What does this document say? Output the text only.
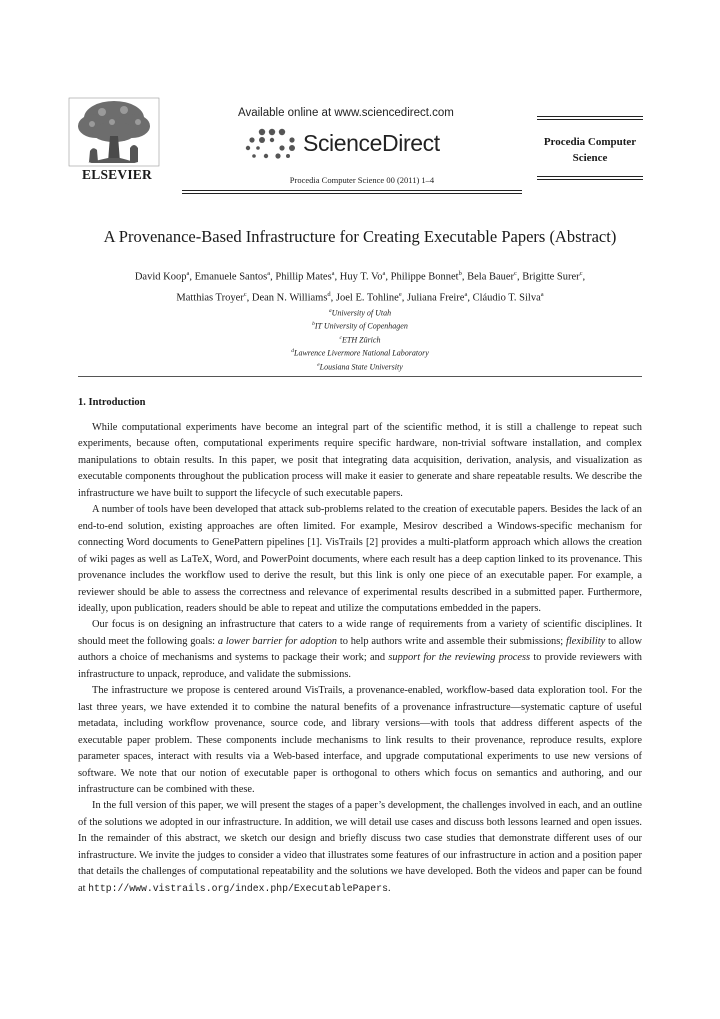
ELSEVIER
Available online at www.sciencedirect.com
ScienceDirect
Procedia Computer Science 00 (2011) 1–4
Procedia Computer Science
A Provenance-Based Infrastructure for Creating Executable Papers (Abstract)
David Koop$^a$, Emanuele Santos$^a$, Phillip Mates$^a$, Huy T. Vo$^a$, Philippe Bonnet$^b$, Bela Bauer$^c$, Brigitte Surer$^c$,
Matthias Troyer$^c$, Dean N. Williams$^d$, Joel E. Tohline$^e$, Juliana Freire$^a$, Cláudio T. Silva$^a$
$^a$University of Utah
$^b$IT University of Copenhagen
$^c$ETH Zürich
$^d$Lawrence Livermore National Laboratory
$^e$Lousiana State University
1. Introduction

While computational experiments have become an integral part of the scientific method, it is still a challenge to repeat such experiments, because often, computational experiments require specific hardware, non-trivial software installation, and complex manipulations to obtain results. In this paper, we posit that integrating data acquisition, derivation, analysis, and visualization as executable components throughout the publication process will make it easier to generate and share repeatable results. We describe the infrastructure we have built to support the lifecycle of such executable papers.

A number of tools have been developed that attack sub-problems related to the creation of executable papers. Besides the lack of an end-to-end solution, existing approaches are often limited. For example, Mesirov described a Windows-specific mechanism for connecting Word documents to GenePattern pipelines [1]. VisTrails [2] provides a multi-platform approach which allows the creation of wiki pages as well as LaTeX, Word, and PowerPoint documents, where each result has a deep caption linked to its provenance. This provenance includes the workflow used to derive the result, but this link is only one piece of an executable paper. For example, a reviewer should be able to assess the correctness and relevance of experimental results described in a submitted paper. Furthermore, ideally, upon publication, readers should be able to repeat and utilize the computations embedded in the papers.

Our focus is on designing an infrastructure that caters to a wide range of requirements from a variety of scientific disciplines. It should meet the following goals: a lower barrier for adoption to help authors write and assemble their submissions; flexibility to allow authors a choice of mechanisms and systems to package their work; and support for the reviewing process to provide reviewers with infrastructure to unpack, reproduce, and validate the submissions.

The infrastructure we propose is centered around VisTrails, a provenance-enabled, workflow-based data exploration tool. For the last three years, we have extended it to combine the natural benefits of a provenance infrastructure—systematic capture of useful metadata, including workflow provenance, source code, and library versions—with tools that address different aspects of the executable paper problem. These components include mechanisms to link results to their provenance, reproduce results, explore parameter spaces, interact with results via a Web-based interface, and upgrade computational experiments to use new versions of software. We note that our notion of executable paper is orthogonal to others which focus on semantics and authoring, and our infrastructure can be combined with these.

In the full version of this paper, we will present the stages of a paper’s development, the challenges involved in each, and an outline of the solutions we adopted in our infrastructure. In addition, we will detail use cases and discuss both lessons learned and open issues. In the remainder of this abstract, we sketch our design and briefly discuss two case studies that demonstrate different uses of our infrastructure. We invite the judges to consider a video that illustrates some features of our infrastructure in action and a position paper that details the challenges of computational repeatability and the solutions we have developed. Both the videos and paper can be found at http://www.vistrails.org/index.php/ExecutablePapers.
